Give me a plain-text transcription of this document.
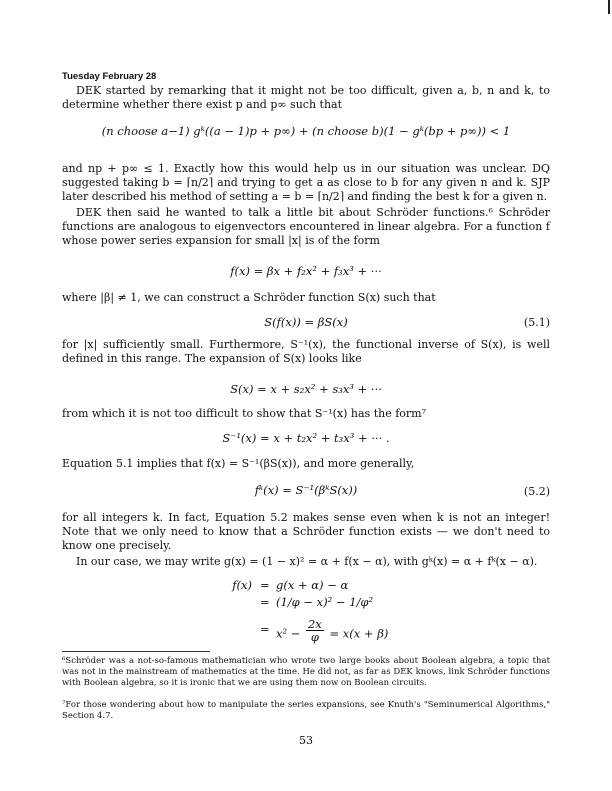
Tuesday February 28

DEK started by remarking that it might not be too difficult, given a, b, n and k, to determine whether there exist p and p∞ such that

(n choose a−1) gᵏ((a − 1)p + p∞) + (n choose b)(1 − gᵏ(bp + p∞)) < 1

and np + p∞ ≤ 1. Exactly how this would help us in our situation was unclear. DQ suggested taking b = ⌈n/2⌉ and trying to get a as close to b for any given n and k. SJP later described his method of setting a = b = ⌈n/2⌉ and finding the best k for a given n.

DEK then said he wanted to talk a little bit about Schröder functions.⁶ Schröder functions are analogous to eigenvectors encountered in linear algebra. For a function f whose power series expansion for small |x| is of the form

f(x) = βx + f₂x² + f₃x³ + ···

where |β| ≠ 1, we can construct a Schröder function S(x) such that

S(f(x)) = βS(x)	(5.1)

for |x| sufficiently small. Furthermore, S⁻¹(x), the functional inverse of S(x), is well defined in this range. The expansion of S(x) looks like

S(x) = x + s₂x² + s₃x³ + ···

from which it is not too difficult to show that S⁻¹(x) has the form⁷

S⁻¹(x) = x + t₂x² + t₃x³ + ··· .

Equation 5.1 implies that f(x) = S⁻¹(βS(x)), and more generally,

fᵏ(x) = S⁻¹(βᵏS(x))	(5.2)

for all integers k. In fact, Equation 5.2 makes sense even when k is not an integer! Note that we only need to know that a Schröder function exists — we don't need to know one precisely.

In our case, we may write g(x) = (1 − x)² = α + f(x − α), with gᵏ(x) = α + fᵏ(x − α).

f(x) = g(x + α) − α
= (1/φ − x)² − 1/φ²
= $x^2 - \frac{2x}{\varphi} = x(x + \beta)$

⁶Schröder was a not-so-famous mathematician who wrote two large books about Boolean algebra, a topic that was not in the mainstream of mathematics at the time. He did not, as far as DEK knows, link Schröder functions with Boolean algebra, so it is ironic that we are using them now on Boolean circuits.

⁷For those wondering about how to manipulate the series expansions, see Knuth's "Seminumerical Algorithms," Section 4.7.

53
